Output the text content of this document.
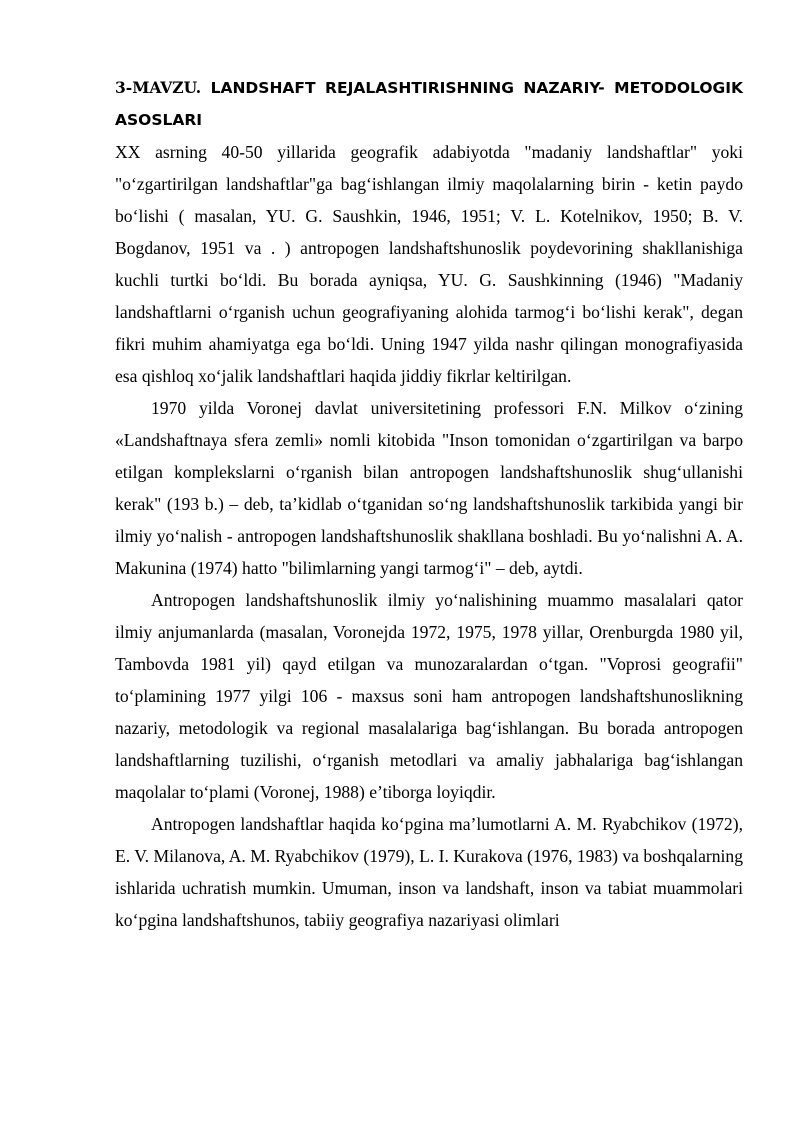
3-MAVZU. LANDSHAFT REJALASHTIRISHNING NAZARIY- METODOLOGIK ASOSLARI

XX asrning 40-50 yillarida geografik adabiyotda "madaniy landshaftlar" yoki "o‘zgartirilgan landshaftlar"ga bag‘ishlangan ilmiy maqolalarning birin - ketin paydo bo‘lishi ( masalan, YU. G. Saushkin, 1946, 1951; V. L. Kotelnikov, 1950; B. V. Bogdanov, 1951 va . ) antropogen landshaftshunoslik poydevorining shakllanishiga kuchli turtki bo‘ldi. Bu borada ayniqsa, YU. G. Saushkinning (1946) "Madaniy landshaftlarni o‘rganish uchun geografiyaning alohida tarmog‘i bo‘lishi kerak", degan fikri muhim ahamiyatga ega bo‘ldi. Uning 1947 yilda nashr qilingan monografiyasida esa qishloq xo‘jalik landshaftlari haqida jiddiy fikrlar keltirilgan.

1970 yilda Voronej davlat universitetining professori F.N. Milkov o‘zining «Landshaftnaya sfera zemli» nomli kitobida "Inson tomonidan o‘zgartirilgan va barpo etilgan komplekslarni o‘rganish bilan antropogen landshaftshunoslik shug‘ullanishi kerak" (193 b.) – deb, ta’kidlab o‘tganidan so‘ng landshaftshunoslik tarkibida yangi bir ilmiy yo‘nalish - antropogen landshaftshunoslik shakllana boshladi. Bu yo‘nalishni A. A. Makunina (1974) hatto "bilimlarning yangi tarmog‘i" – deb, aytdi.

Antropogen landshaftshunoslik ilmiy yo‘nalishining muammo masalalari qator ilmiy anjumanlarda (masalan, Voronejda 1972, 1975, 1978 yillar, Orenburgda 1980 yil, Tambovda 1981 yil) qayd etilgan va munozaralardan o‘tgan. "Voprosi geografii" to‘plamining 1977 yilgi 106 - maxsus soni ham antropogen landshaftshunoslikning nazariy, metodologik va regional masalalariga bag‘ishlangan. Bu borada antropogen landshaftlarning tuzilishi, o‘rganish metodlari va amaliy jabhalariga bag‘ishlangan maqolalar to‘plami (Voronej, 1988) e’tiborga loyiqdir.

Antropogen landshaftlar haqida ko‘pgina ma’lumotlarni A. M. Ryabchikov (1972), E. V. Milanova, A. M. Ryabchikov (1979), L. I. Kurakova (1976, 1983) va boshqalarning ishlarida uchratish mumkin. Umuman, inson va landshaft, inson va tabiat muammolari ko‘pgina landshaftshunos, tabiiy geografiya nazariyasi olimlari
